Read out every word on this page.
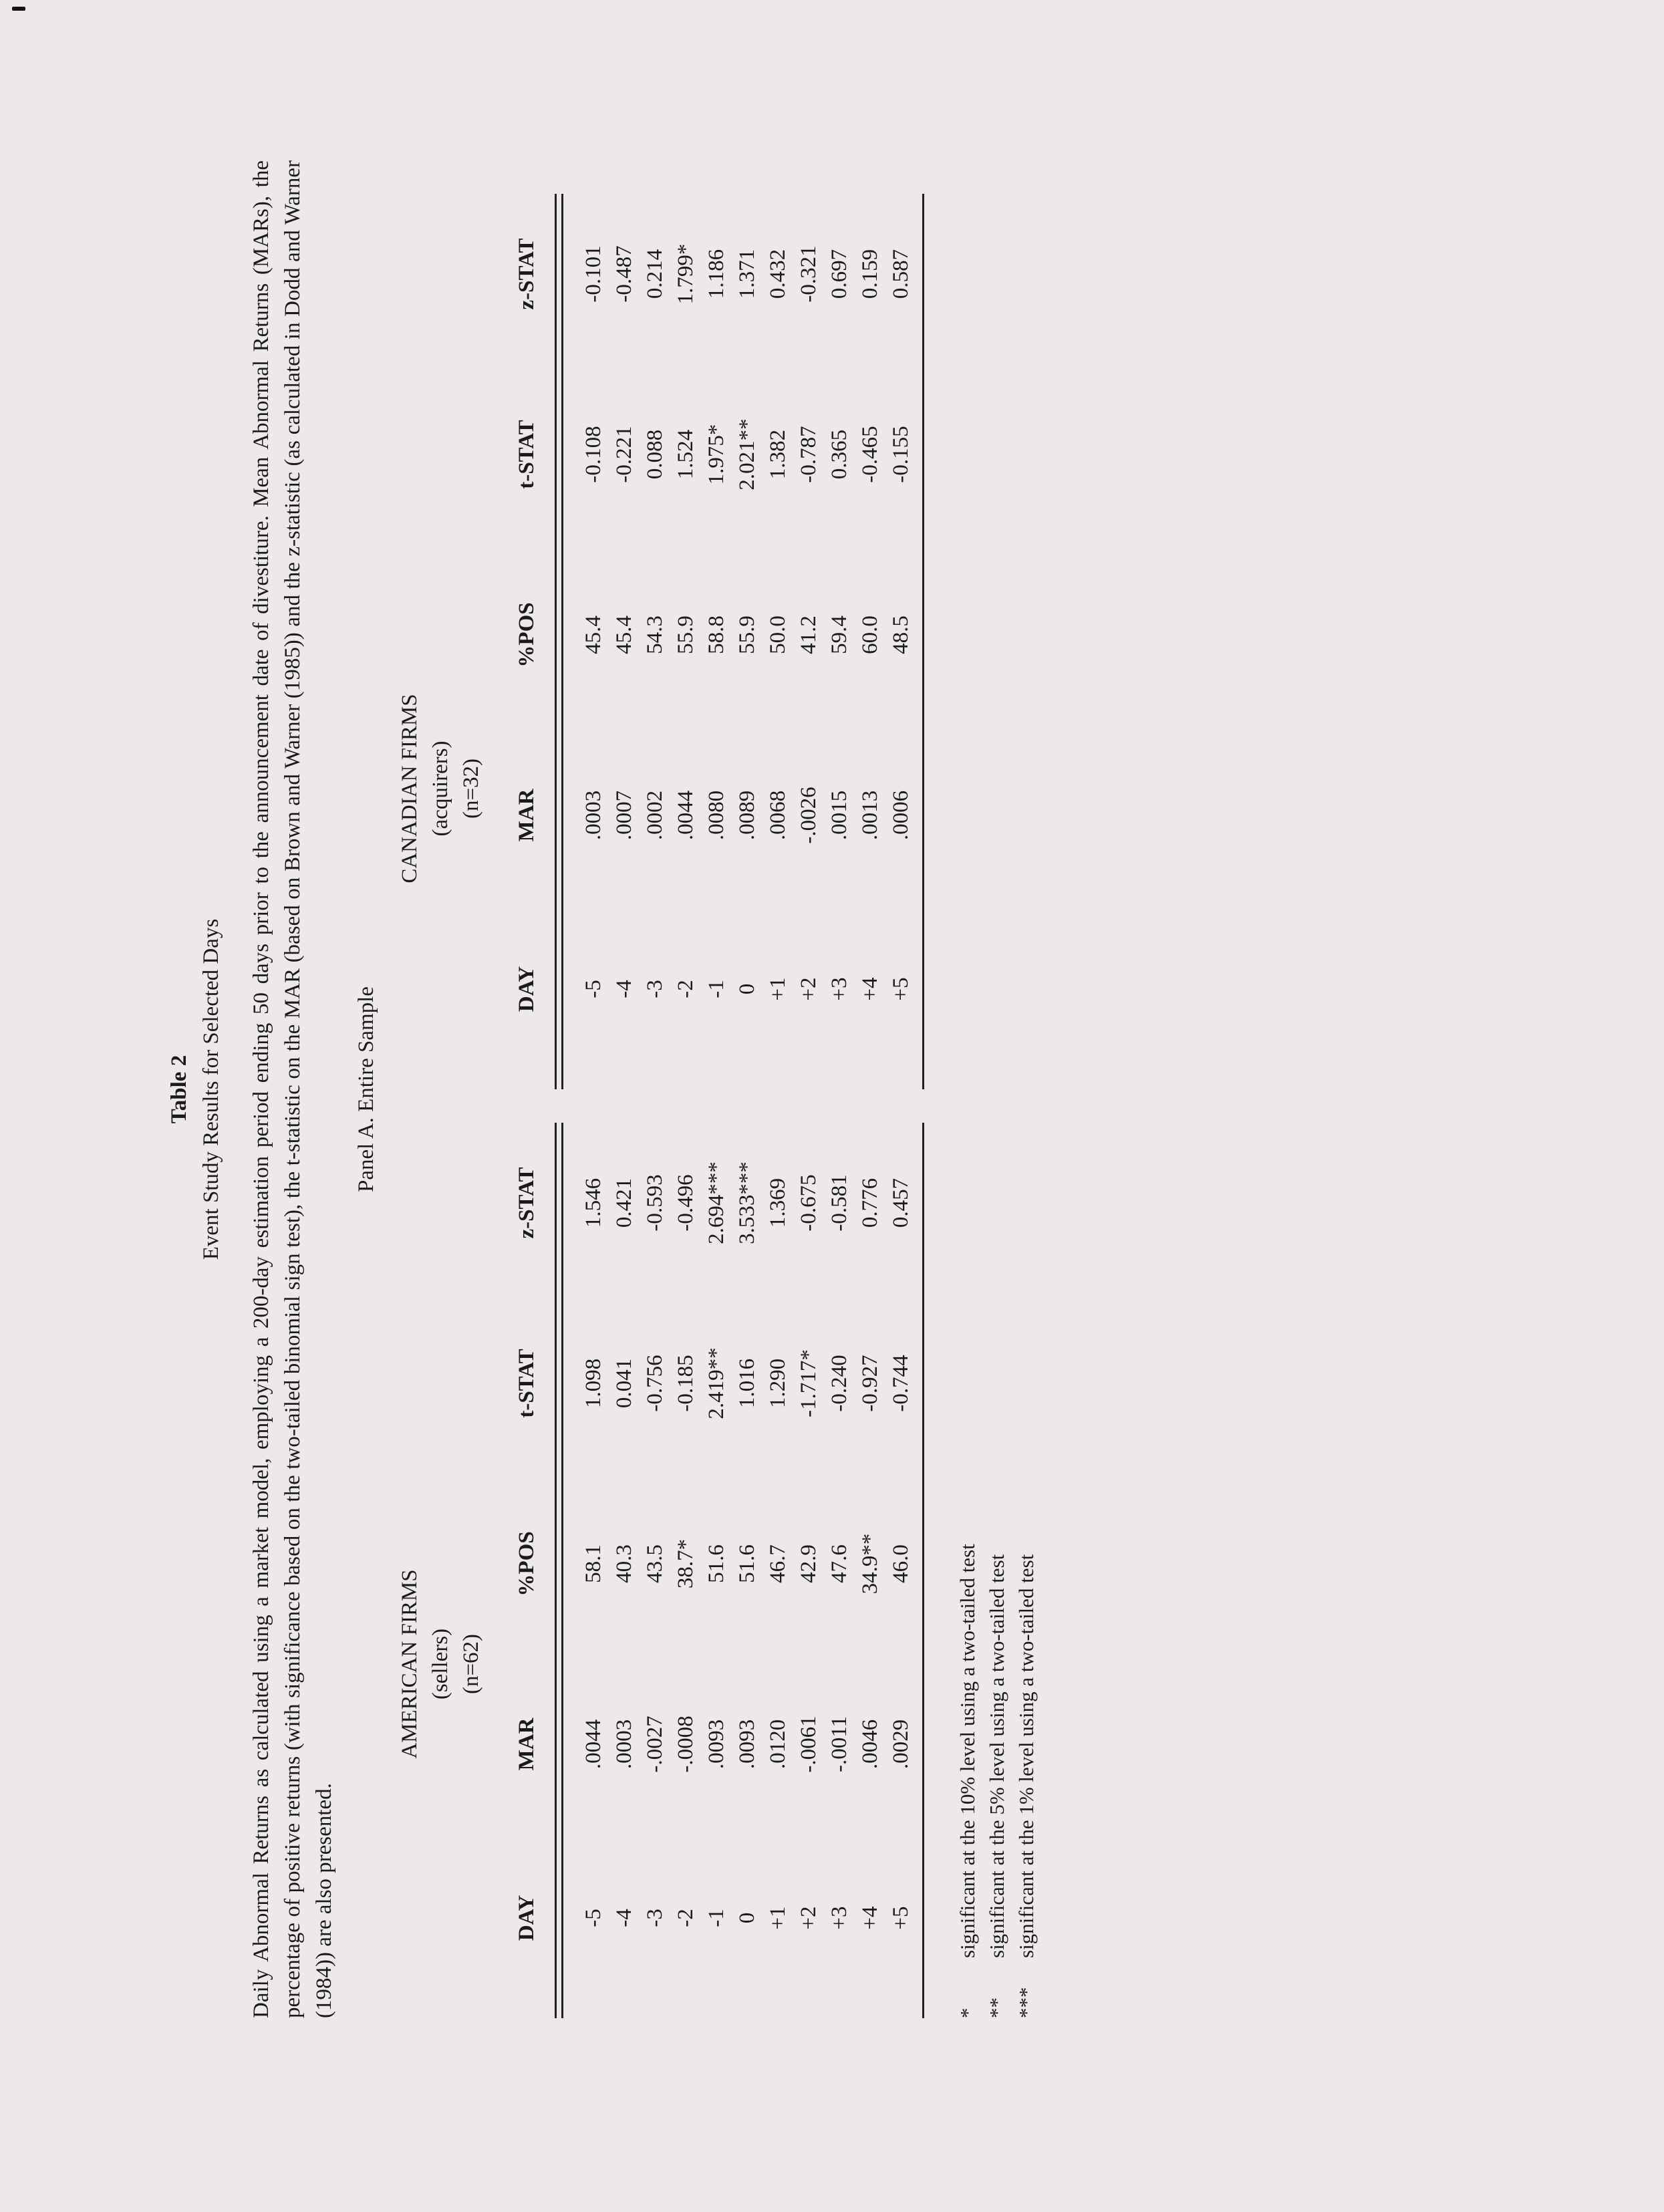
Table 2 Event Study Results for Selected Days Daily Abnormal Returns as calculated using a market model, employing a 200-day estimation period ending 50 days prior to the announcement date of divestiture. Mean Abnormal Returns (MARs), the percentage of positive returns (with significance based on the two-tailed binomial sign test), the t-statistic on the MAR (based on Brown and Warner (1985)) and the z-statistic (as calculated in Dodd and Warner (1984)) are also presented.
Panel A. Entire Sample
AMERICAN FIRMS (sellers) (n=62)
CANADIAN FIRMS (acquirers) (n=32)
DAY
DAY
MAR
MAR
%POS
%POS
t-STAT
t-STAT
z-STAT
z-STAT
-5
.0044
58.1
1.098
1.546
-4
.0003
40.3
0.041
0.421
-3
-.0027
43.5
-0.756
-0.593
-2
-.0008
38.7*
-0.185
-0.496
-1
.0093
51.6
2.419**
2.694***
0
.0093
51.6
1.016
3.533***
+1
.0120
46.7
1.290
1.369
+2
-.0061
42.9
-1.717*
-0.675
+3
-.0011
47.6
-0.240
-0.581
+4
.0046
34.9**
-0.927
0.776
+5
.0029
46.0
-0.744
0.457
-5
.0003
45.4
-0.108
-0.101
-4
.0007
45.4
-0.221
-0.487
-3
.0002
54.3
0.088
0.214
-2
.0044
55.9
1.524
1.799*
-1
.0080
58.8
1.975*
1.186
0
.0089
55.9
2.021**
1.371
+1
.0068
50.0
1.382
0.432
+2
-.0026
41.2
-0.787
-0.321
+3
.0015
59.4
0.365
0.697
+4
.0013
60.0
-0.465
0.159
+5
.0006
48.5
-0.155
0.587
*
significant at the 10% level using a two-tailed test
**
significant at the 5% level using a two-tailed test
***
significant at the 1% level using a two-tailed test
